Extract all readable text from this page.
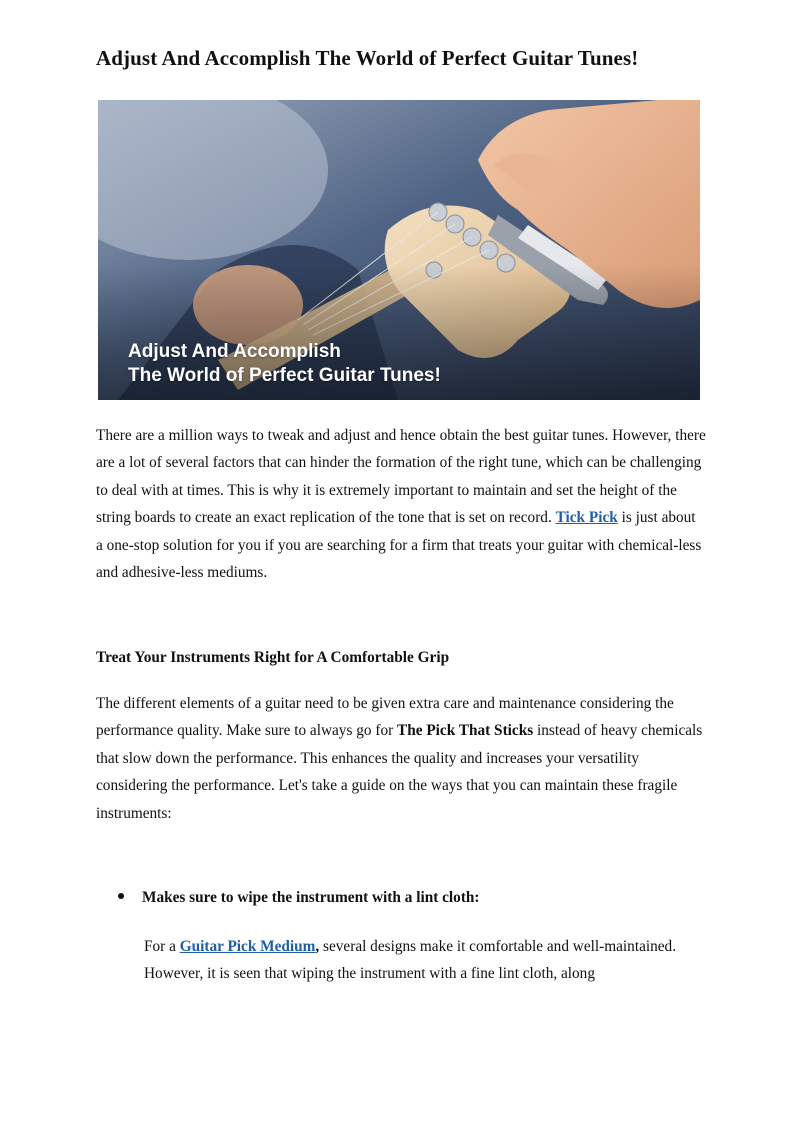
Adjust And Accomplish The World of Perfect Guitar Tunes!
Adjust And Accomplish
The World of Perfect Guitar Tunes!

There are a million ways to tweak and adjust and hence obtain the best guitar tunes. However, there are a lot of several factors that can hinder the formation of the right tune, which can be challenging to deal with at times. This is why it is extremely important to maintain and set the height of the string boards to create an exact replication of the tone that is set on record. Tick Pick is just about a one-stop solution for you if you are searching for a firm that treats your guitar with chemical-less and adhesive-less mediums.

Treat Your Instruments Right for A Comfortable Grip

The different elements of a guitar need to be given extra care and maintenance considering the performance quality. Make sure to always go for The Pick That Sticks instead of heavy chemicals that slow down the performance. This enhances the quality and increases your versatility considering the performance. Let's take a guide on the ways that you can maintain these fragile instruments:

Makes sure to wipe the instrument with a lint cloth:

For a Guitar Pick Medium, several designs make it comfortable and well-maintained. However, it is seen that wiping the instrument with a fine lint cloth, along
